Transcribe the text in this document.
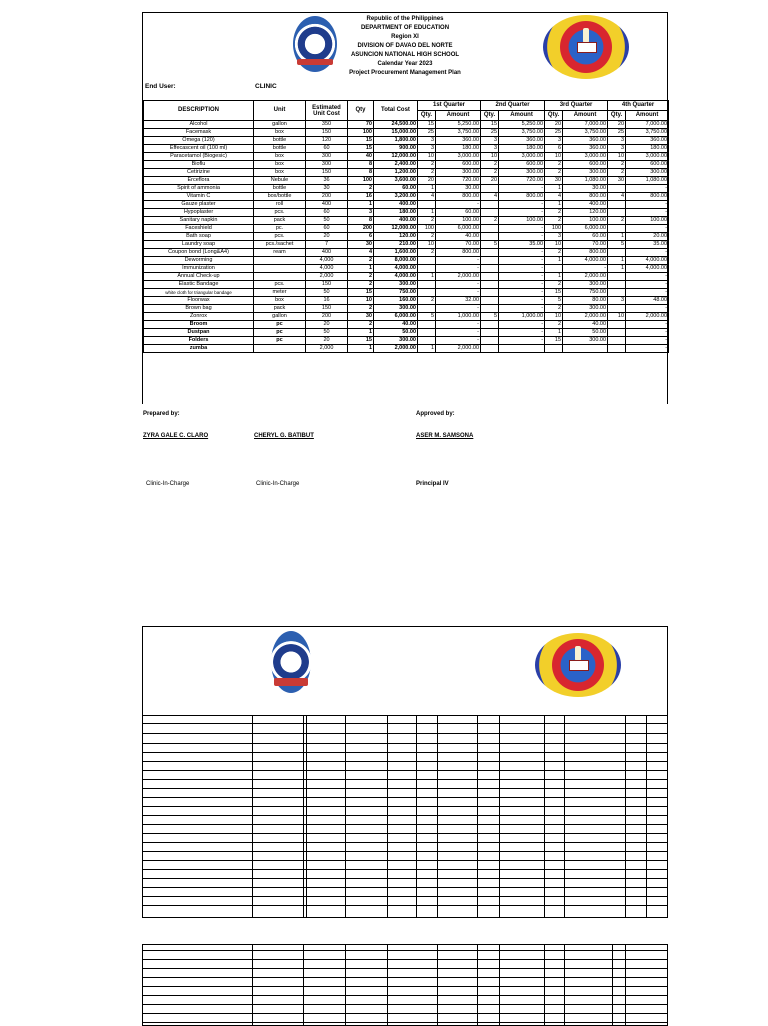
Republic of the Philippines
DEPARTMENT OF EDUCATION
Region XI
DIVISION OF DAVAO DEL NORTE
ASUNCION NATIONAL HIGH SCHOOL
Calendar Year 2023
Project Procurement Management Plan
End User:	CLINIC
DESCRIPTION	Unit	Estimated Unit Cost	Qty	Total Cost	1st Quarter		2nd Quarter		3rd Quarter		4th Quarter	
					Qty.	Amount	Qty.	Amount	Qty.	Amount	Qty.	Amount
Alcohol	gallon	350	70	24,500.00	15	5,250.00	15	5,250.00	20	7,000.00	20	7,000.00
Facemask	box	150	100	15,000.00	25	3,750.00	25	3,750.00	25	3,750.00	25	3,750.00
Omega (120)	bottle	120	15	1,800.00	3	360.00	3	360.00	3	360.00	3	360.00
Effecascent oil (100 ml)	bottle	60	15	900.00	3	180.00	3	180.00	6	360.00	3	180.00
Paracetamol (Biogesic)	box	300	40	12,000.00	10	3,000.00	10	3,000.00	10	3,000.00	10	3,000.00
Bioflu	box	300	8	2,400.00	2	600.00	2	600.00	2	600.00	2	600.00
Cetirizine	box	150	8	1,200.00	2	300.00	2	300.00	2	300.00	2	300.00
Erceflora	Nebule	36	100	3,600.00	20	720.00	20	720.00	30	1,080.00	30	1,080.00
Spirit of ammonia	bottle	30	2	60.00	1	30.00		-	1	30.00		-
Vitamin C	box/bottle	200	16	3,200.00	4	800.00	4	800.00	4	800.00	4	800.00
Gauze plaster	roll	400	1	400.00		-		-	1	400.00		-
Hypoplaster	pcs.	60	3	180.00	1	60.00		-	2	120.00		-
Sanitary napkin	pack	50	8	400.00	2	100.00	2	100.00	2	100.00	2	100.00
Faceshield	pc.	60	200	12,000.00	100	6,000.00		-	100	6,000.00		-
Bath soap	pcs.	20	6	120.00	2	40.00		-	3	60.00	1	20.00
Laundry soap	pcs./sachet	7	30	210.00	10	70.00	5	35.00	10	70.00	5	35.00
Coupon bond (Long&A4)	ream	400	4	1,600.00	2	800.00		-	2	800.00		-
Deworming		4,000	2	8,000.00		-		-	1	4,000.00	1	4,000.00
Immunization		4,000	1	4,000.00		-		-		-	1	4,000.00
Annual Check-up		2,000	2	4,000.00	1	2,000.00		-	1	2,000.00		-
Elastic Bandage	pcs.	150	2	300.00		-		-	2	300.00		-
white cloth for triangular bandage	meter	50	15	750.00		-		-	15	750.00		-
Floorwax	box	16	10	160.00	2	32.00		-	5	80.00	3	48.00
Brown bag	pack	150	2	300.00		-		-	2	300.00		-
Zonrox	gallon	200	30	6,000.00	5	1,000.00	5	1,000.00	10	2,000.00	10	2,000.00
Broom	pc	20	2	40.00		-		-	2	40.00		-
Dustpan	pc	50	1	50.00		-		-	1	50.00		-
Folders	pc	20	15	300.00		-		-	15	300.00		-
zumba		2,000	1	2,000.00	1	2,000.00						-
Prepared by:	Approved by:
ZYRA GALE C. CLARO	CHERYL G. BATIBUT	ASER M. SAMSONA
Clinic-In-Charge	Clinic-In-Charge	Principal IV
